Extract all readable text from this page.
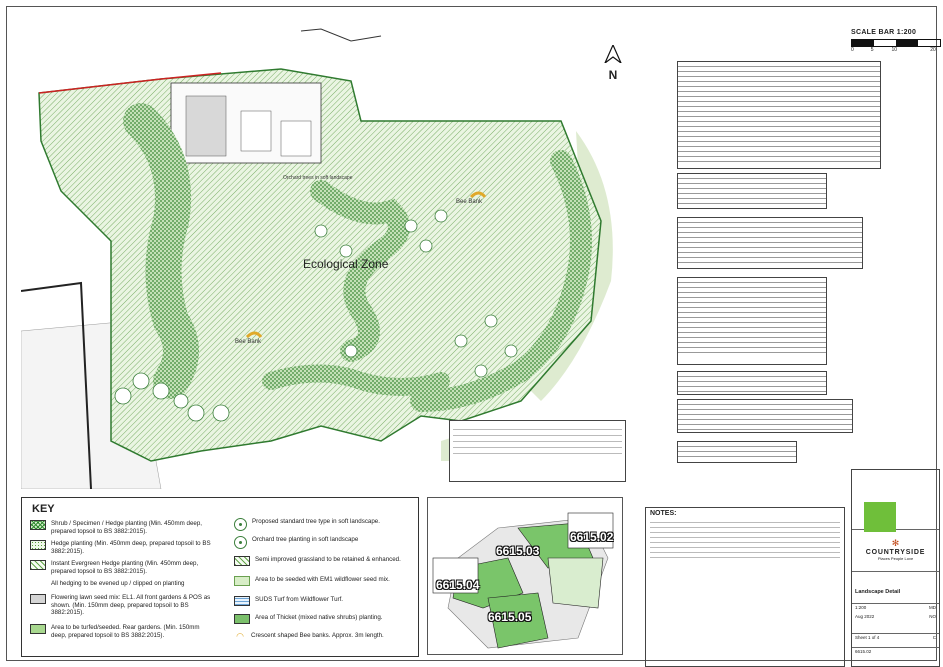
Orchard trees in soft landscape
Ecological Zone
Bee Bank
Bee Bank
N
KEY
Shrub / Specimen / Hedge planting (Min. 450mm deep, prepared topsoil to BS 3882:2015).
Hedge planting (Min. 450mm deep, prepared topsoil to BS 3882:2015).
Instant Evergreen Hedge planting (Min. 450mm deep, prepared topsoil to BS 3882:2015).
All hedging to be evened up / clipped on planting
Flowering lawn seed mix: EL1. All front gardens & POS as shown. (Min. 150mm deep, prepared topsoil to BS 3882:2015).
Area to be turfed/seeded. Rear gardens. (Min. 150mm deep, prepared topsoil to BS 3882:2015).
Proposed standard tree type in soft landscape.
Orchard tree planting in soft landscape
Semi improved grassland to be retained & enhanced.
Area to be seeded with EM1 wildflower seed mix.
SUDS Turf from Wildflower Turf.
Area of Thicket (mixed native shrubs) planting.
◠	Crescent shaped Bee banks. Approx. 3m length.
6615.02
6615.03
6615.04
6615.05
SCALE BAR 1:200
0	5	10	20
NOTES:
✻
COUNTRYSIDE
Places People Love
Landscape Detail
1:200	MD
Aug 2022	NO
Sheet 1 of 4	C
6615.02
